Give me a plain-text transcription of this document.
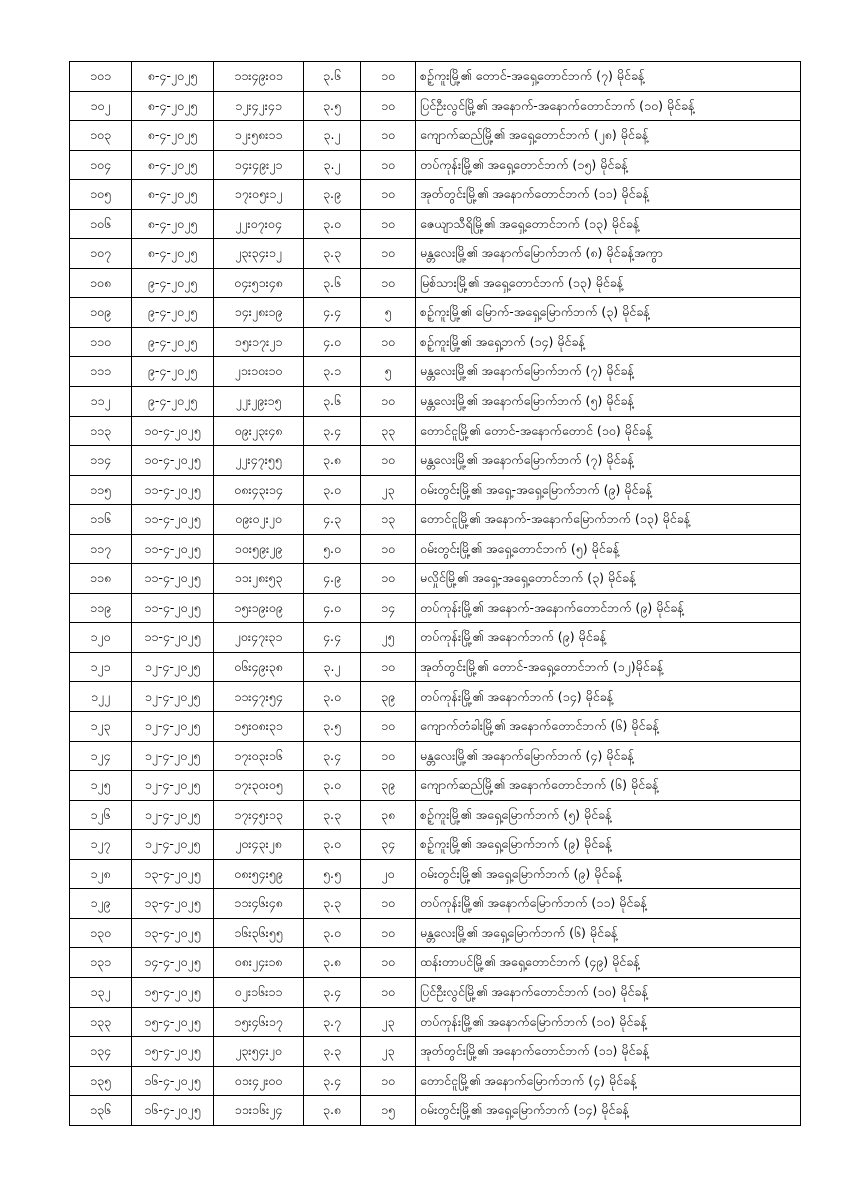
၁၀၁	၈-၄-၂၀၂၅	၁၁း၄၉း၀၁	၃.၆	၁၀	စဉ့်ကူးမြို့၏ တောင်-အရှေ့တောင်ဘက် (၇) မိုင်ခန့်
၁၀၂	၈-၄-၂၀၂၅	၁၂း၄၂း၄၁	၃.၅	၁၀	ပြင်ဦးလွင်မြို့၏ အနောက်-အနောက်တောင်ဘက် (၁၀) မိုင်ခန့်
၁၀၃	၈-၄-၂၀၂၅	၁၂း၅၈း၁၁	၃.၂	၁၀	ကျောက်ဆည်မြို့၏ အရှေ့တောင်ဘက် (၂၈) မိုင်ခန့်
၁၀၄	၈-၄-၂၀၂၅	၁၄း၄၉း၂၁	၃.၂	၁၀	တပ်ကုန်းမြို့၏ အရှေ့တောင်ဘက် (၁၅) မိုင်ခန့်
၁၀၅	၈-၄-၂၀၂၅	၁၇း၀၅း၁၂	၃.၉	၁၀	အုတ်တွင်းမြို့၏ အနောက်တောင်ဘက် (၁၁) မိုင်ခန့်
၁၀၆	၈-၄-၂၀၂၅	၂၂း၀၇း၀၄	၃.၀	၁၀	ဇေယျာသီရိမြို့၏ အရှေ့တောင်ဘက် (၁၃) မိုင်ခန့်
၁၀၇	၈-၄-၂၀၂၅	၂၃း၃၄း၁၂	၃.၃	၁၀	မန္တလေးမြို့၏ အနောက်မြောက်ဘက် (၈) မိုင်ခန့်အကွာ
၁၀၈	၉-၄-၂၀၂၅	၀၄း၅၁း၄၈	၃.၆	၁၀	မြစ်သားမြို့၏ အရှေ့တောင်ဘက် (၁၃) မိုင်ခန့်
၁၀၉	၉-၄-၂၀၂၅	၁၄း၂၈း၁၉	၄.၄	၅	စဉ့်ကူးမြို့၏ မြောက်-အရှေ့မြောက်ဘက် (၃) မိုင်ခန့်
၁၁၀	၉-၄-၂၀၂၅	၁၅း၁၇း၂၁	၄.၀	၁၀	စဉ့်ကူးမြို့၏ အရှေ့ဘက် (၁၄) မိုင်ခန့်
၁၁၁	၉-၄-၂၀၂၅	၂၁း၁၀း၁၀	၃.၁	၅	မန္တလေးမြို့၏ အနောက်မြောက်ဘက် (၇) မိုင်ခန့်
၁၁၂	၉-၄-၂၀၂၅	၂၂း၂၉း၁၅	၃.၆	၁၀	မန္တလေးမြို့၏ အနောက်မြောက်ဘက် (၅) မိုင်ခန့်
၁၁၃	၁၀-၄-၂၀၂၅	၀၉း၂၃း၄၈	၃.၄	၃၃	တောင်ငူမြို့၏ တောင်-အနောက်တောင် (၁၀) မိုင်ခန့်
၁၁၄	၁၀-၄-၂၀၂၅	၂၂း၄၇း၅၅	၃.၈	၁၀	မန္တလေးမြို့၏ အနောက်မြောက်ဘက် (၇) မိုင်ခန့်
၁၁၅	၁၁-၄-၂၀၂၅	၀၈း၄၃း၁၄	၃.၀	၂၃	ဝမ်းတွင်းမြို့၏ အရှေ့-အရှေ့မြောက်ဘက် (၉) မိုင်ခန့်
၁၁၆	၁၁-၄-၂၀၂၅	၀၉း၀၂း၂၀	၄.၃	၁၃	တောင်ငူမြို့၏ အနောက်-အနောက်မြောက်ဘက် (၁၃) မိုင်ခန့်
၁၁၇	၁၁-၄-၂၀၂၅	၁၀း၅၉း၂၉	၅.၀	၁၀	ဝမ်းတွင်းမြို့၏ အရှေ့တောင်ဘက် (၅) မိုင်ခန့်
၁၁၈	၁၁-၄-၂၀၂၅	၁၁း၂၈း၅၃	၄.၉	၁၀	မလှိုင်မြို့၏ အရှေ့-အရှေ့တောင်ဘက် (၃) မိုင်ခန့်
၁၁၉	၁၁-၄-၂၀၂၅	၁၅း၁၉း၀၉	၄.၀	၁၄	တပ်ကုန်းမြို့၏ အနောက်-အနောက်တောင်ဘက် (၉) မိုင်ခန့်
၁၂၀	၁၁-၄-၂၀၂၅	၂၀း၄၇း၃၁	၄.၄	၂၅	တပ်ကုန်းမြို့၏ အနောက်ဘက် (၉) မိုင်ခန့်
၁၂၁	၁၂-၄-၂၀၂၅	၀၆း၄၉း၃၈	၃.၂	၁၀	အုတ်တွင်းမြို့၏ တောင်-အရှေ့တောင်ဘက် (၁၂)မိုင်ခန့်
၁၂၂	၁၂-၄-၂၀၂၅	၁၁း၄၇း၅၄	၃.၀	၃၉	တပ်ကုန်းမြို့၏ အနောက်ဘက် (၁၄) မိုင်ခန့်
၁၂၃	၁၂-၄-၂၀၂၅	၁၅း၀၈း၃၁	၃.၅	၁၀	ကျောက်တံခါးမြို့၏ အနောက်တောင်ဘက် (၆) မိုင်ခန့်
၁၂၄	၁၂-၄-၂၀၂၅	၁၇း၀၃း၁၆	၃.၄	၁၀	မန္တလေးမြို့၏ အနောက်မြောက်ဘက် (၄) မိုင်ခန့်
၁၂၅	၁၂-၄-၂၀၂၅	၁၇း၃၀း၀၅	၃.၀	၃၉	ကျောက်ဆည်မြို့၏ အနောက်တောင်ဘက် (၆) မိုင်ခန့်
၁၂၆	၁၂-၄-၂၀၂၅	၁၇း၄၅း၁၃	၃.၃	၃၈	စဉ့်ကူးမြို့၏ အရှေ့မြောက်ဘက် (၅) မိုင်ခန့်
၁၂၇	၁၂-၄-၂၀၂၅	၂၀း၄၃း၂၈	၃.၀	၃၄	စဉ့်ကူးမြို့၏ အရှေ့မြောက်ဘက် (၉) မိုင်ခန့်
၁၂၈	၁၃-၄-၂၀၂၅	၀၈း၅၄း၅၉	၅.၅	၂၀	ဝမ်းတွင်းမြို့၏ အရှေ့မြောက်ဘက် (၉) မိုင်ခန့်
၁၂၉	၁၃-၄-၂၀၂၅	၁၁း၄၆း၄၈	၃.၃	၁၀	တပ်ကုန်းမြို့၏ အနောက်မြောက်ဘက် (၁၁) မိုင်ခန့်
၁၃၀	၁၃-၄-၂၀၂၅	၁၆း၃၆း၅၅	၃.၀	၁၀	မန္တလေးမြို့၏ အရှေ့မြောက်ဘက် (၆) မိုင်ခန့်
၁၃၁	၁၄-၄-၂၀၂၅	၀၈း၂၄း၁၈	၃.၈	၁၀	ထန်းတာပင်မြို့၏ အရှေ့တောင်ဘက် (၄၉) မိုင်ခန့်
၁၃၂	၁၅-၄-၂၀၂၅	၀၂း၁၆း၁၁	၃.၄	၁၀	ပြင်ဦးလွင်မြို့၏ အနောက်တောင်ဘက် (၁၀) မိုင်ခန့်
၁၃၃	၁၅-၄-၂၀၂၅	၁၅း၄၆း၁၇	၃.၇	၂၃	တပ်ကုန်းမြို့၏ အနောက်မြောက်ဘက် (၁၀) မိုင်ခန့်
၁၃၄	၁၅-၄-၂၀၂၅	၂၃း၅၄း၂၀	၃.၃	၂၃	အုတ်တွင်းမြို့၏ အနောက်တောင်ဘက် (၁၁) မိုင်ခန့်
၁၃၅	၁၆-၄-၂၀၂၅	၀၁း၄၂း၀၀	၃.၄	၁၀	တောင်ငူမြို့၏ အနောက်မြောက်ဘက် (၄) မိုင်ခန့်
၁၃၆	၁၆-၄-၂၀၂၅	၁၁း၁၆း၂၄	၃.၈	၁၅	ဝမ်းတွင်းမြို့၏ အရှေ့မြောက်ဘက် (၁၄) မိုင်ခန့်
